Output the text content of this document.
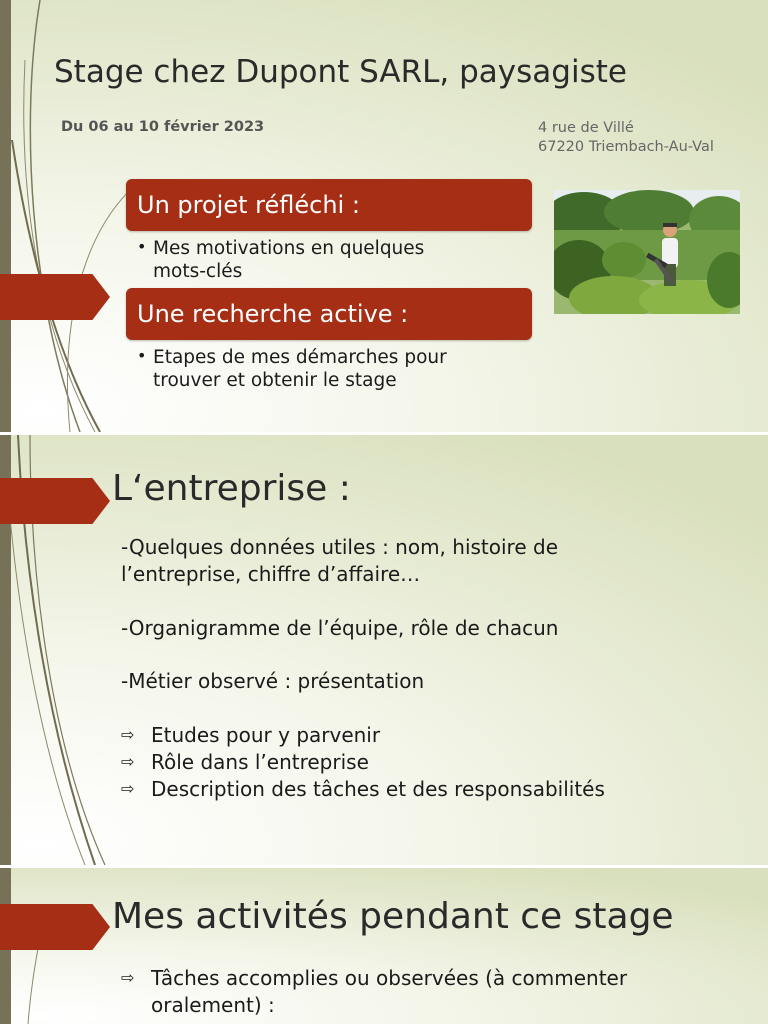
Stage chez Dupont SARL, paysagiste
Du 06 au 10 février 2023	4 rue de Villé
67220 Triembach-Au-Val
Un projet réfléchi :
• Mes motivations en quelques
mots-clés
Une recherche active :
• Etapes de mes démarches pour
trouver et obtenir le stage
L‘entreprise :
-Quelques données utiles : nom, histoire de
l’entreprise, chiffre d’affaire…
-Organigramme de l’équipe, rôle de chacun
-Métier observé : présentation
⇨ Etudes pour y parvenir
⇨ Rôle dans l’entreprise
⇨ Description des tâches et des responsabilités
Mes activités pendant ce stage
⇨ Tâches accomplies ou observées (à commenter
oralement) :
